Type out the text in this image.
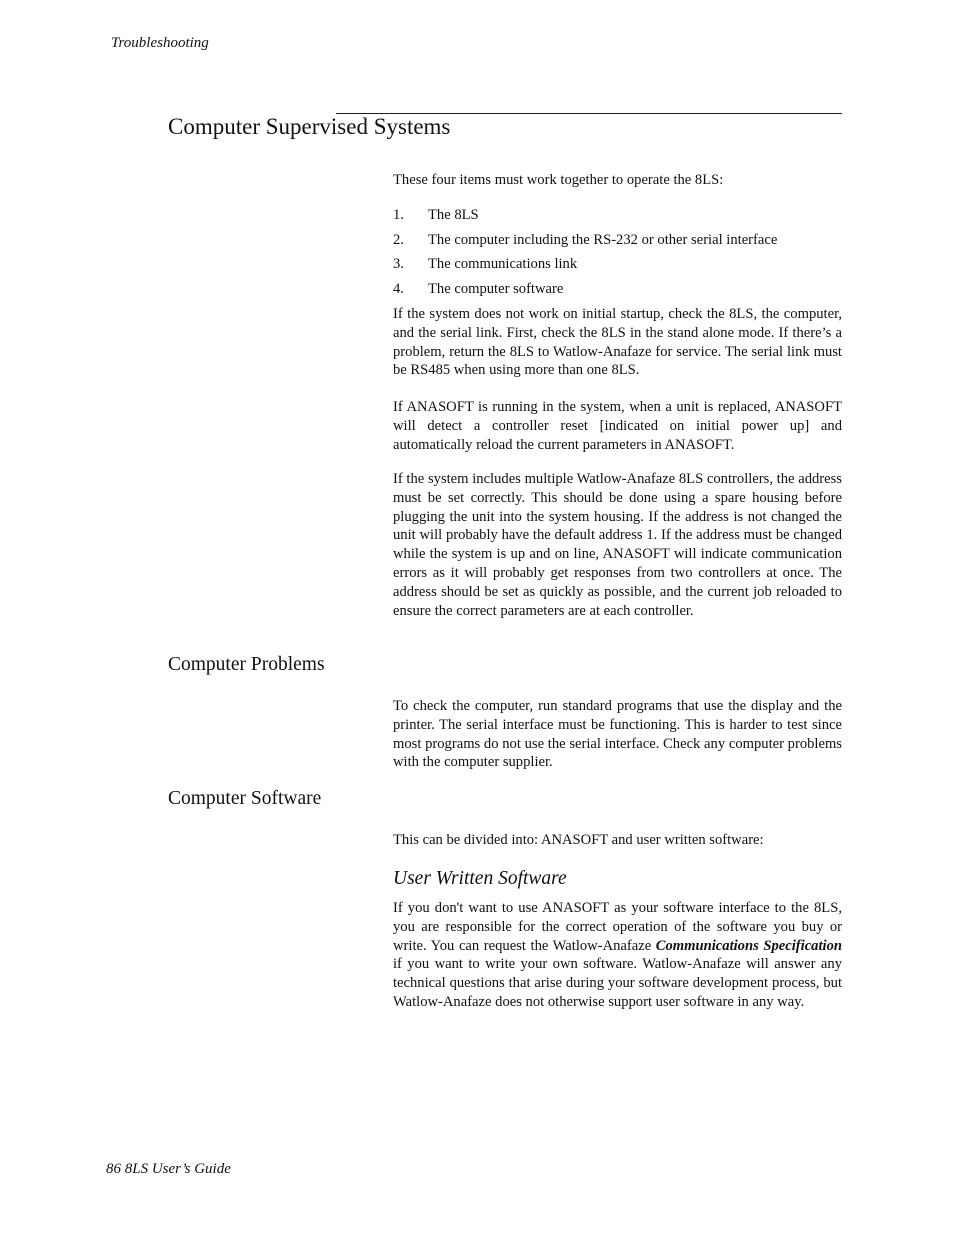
Troubleshooting
Computer Supervised Systems

These four items must work together to operate the 8LS:

1. The 8LS
2. The computer including the RS-232 or other serial interface
3. The communications link
4. The computer software

If the system does not work on initial startup, check the 8LS, the computer, and the serial link. First, check the 8LS in the stand alone mode. If there’s a problem, return the 8LS to Watlow-Anafaze for service. The serial link must be RS485 when using more than one 8LS.

If ANASOFT is running in the system, when a unit is replaced, ANASOFT will detect a controller reset [indicated on initial power up] and automatically reload the current parameters in ANASOFT.

If the system includes multiple Watlow-Anafaze 8LS controllers, the address must be set correctly. This should be done using a spare housing before plugging the unit into the system housing. If the address is not changed the unit will probably have the default address 1. If the address must be changed while the system is up and on line, ANASOFT will indicate communication errors as it will probably get responses from two controllers at once. The address should be set as quickly as possible, and the current job reloaded to ensure the correct parameters are at each controller.

Computer Problems

To check the computer, run standard programs that use the display and the printer. The serial interface must be functioning. This is harder to test since most programs do not use the serial interface. Check any computer problems with the computer supplier.

Computer Software

This can be divided into: ANASOFT and user written software:

User Written Software

If you don't want to use ANASOFT as your software interface to the 8LS, you are responsible for the correct operation of the software you buy or write. You can request the Watlow-Anafaze Communications Specification if you want to write your own software. Watlow-Anafaze will answer any technical questions that arise during your software development process, but Watlow-Anafaze does not otherwise support user software in any way.

86 8LS User’s Guide
